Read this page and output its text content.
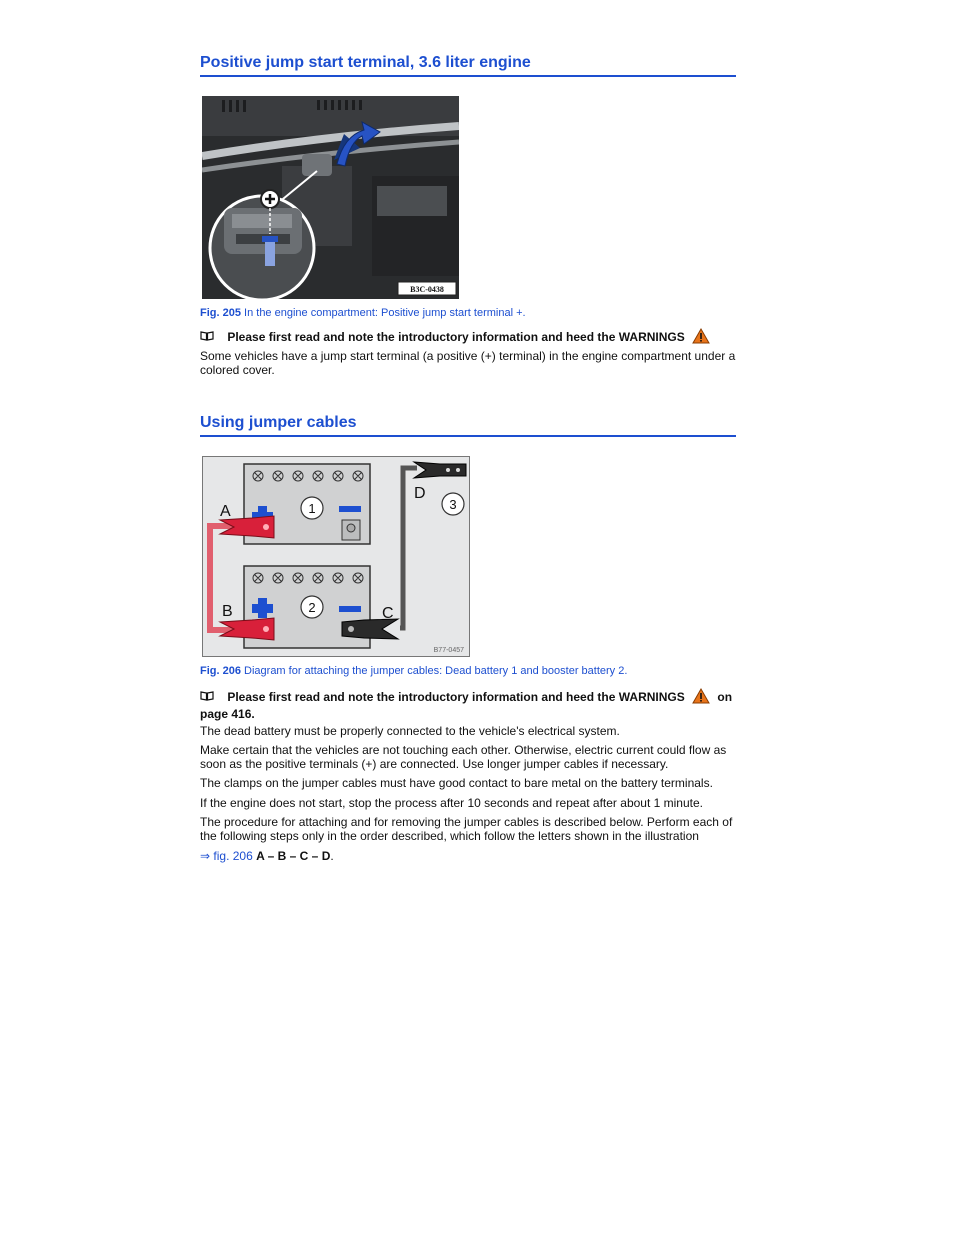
Positive jump start terminal, 3.6 liter engine
B3C-0438
Fig. 205 In the engine compartment: Positive jump start terminal +.
Please first read and note the introductory information and heed the WARNINGS

Some vehicles have a jump start terminal (a positive (+) terminal) in the engine compartment under a colored cover.

Using jumper cables
1
2
A
B	C
D
3
B77-0457
Fig. 206 Diagram for attaching the jumper cables: Dead battery 1 and booster battery 2.
Please first read and note the introductory information and heed the WARNINGS	on page 416.

The dead battery must be properly connected to the vehicle's electrical system.

Make certain that the vehicles are not touching each other. Otherwise, electric current could flow as soon as the positive terminals (+) are connected. Use longer jumper cables if necessary.

The clamps on the jumper cables must have good contact to bare metal on the battery terminals.

If the engine does not start, stop the process after 10 seconds and repeat after about 1 minute.

The procedure for attaching and for removing the jumper cables is described below. Perform each of the following steps only in the order described, which follow the letters shown in the illustration

⇒ fig. 206 A – B – C – D.
